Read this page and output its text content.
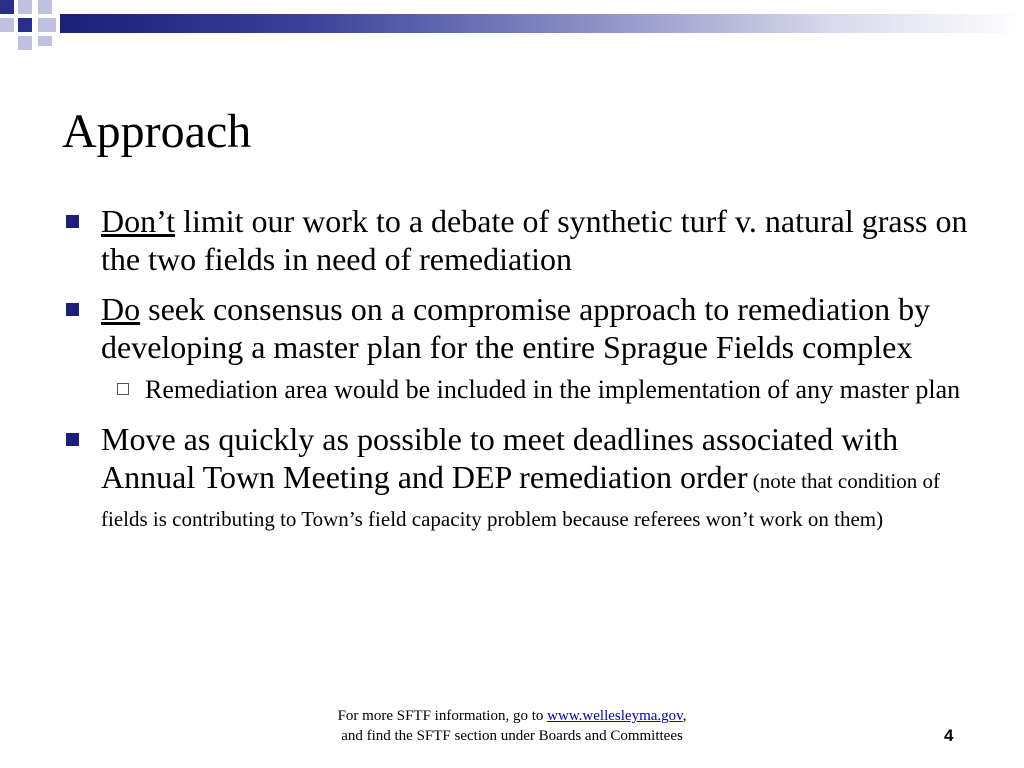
Approach
Don’t limit our work to a debate of synthetic turf v. natural grass on the two fields in need of remediation
Do seek consensus on a compromise approach to remediation by developing a master plan for the entire Sprague Fields complex
Remediation area would be included in the implementation of any master plan
Move as quickly as possible to meet deadlines associated with Annual Town Meeting and DEP remediation order (note that condition of fields is contributing to Town’s field capacity problem because referees won’t work on them)
For more SFTF information, go to www.wellesleyma.gov,
and find the SFTF section under Boards and Committees	4
